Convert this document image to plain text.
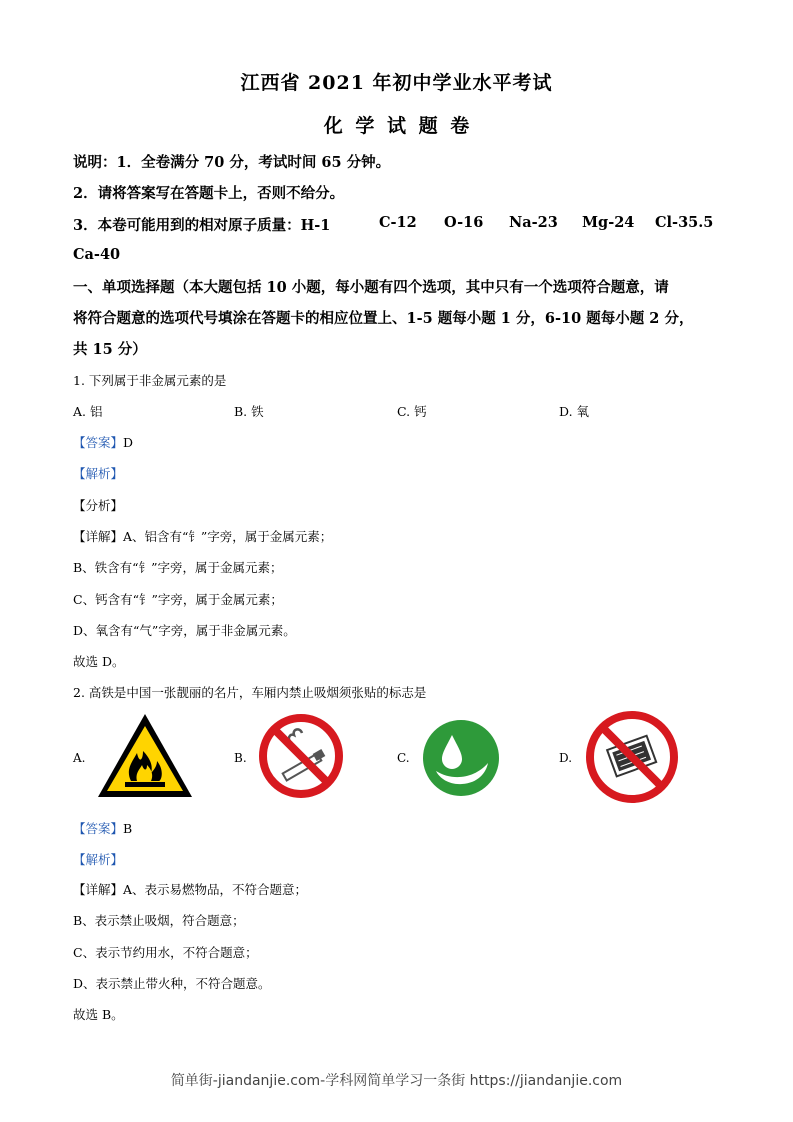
江西省 2021 年初中学业水平考试
化 学 试 题 卷
说明：1．全卷满分 70 分，考试时间 65 分钟。
2．请将答案写在答题卡上，否则不给分。
3．本卷可能用到的相对原子质量：H-1	C-12 O-16 Na-23 Mg-24 Cl-35.5
Ca-40
一、单项选择题（本大题包括 10 小题，每小题有四个选项，其中只有一个选项符合题意，请
将符合题意的选项代号填涂在答题卡的相应位置上、1-5 题每小题 1 分，6-10 题每小题 2 分，
共 15 分）
1. 下列属于非金属元素的是
A. 铝	B. 铁	C. 钙	D. 氧
【答案】D
【解析】
【分析】
【详解】A、铝含有“钅”字旁，属于金属元素；
B、铁含有“钅”字旁，属于金属元素；
C、钙含有“钅”字旁，属于金属元素；
D、氧含有“气”字旁，属于非金属元素。
故选 D。
2. 高铁是中国一张靓丽的名片，车厢内禁止吸烟须张贴的标志是
A.	B.	C.	D.
【答案】B
【解析】
【详解】A、表示易燃物品，不符合题意；
B、表示禁止吸烟，符合题意；
C、表示节约用水，不符合题意；
D、表示禁止带火种，不符合题意。
故选 B。
简单街-jiandanjie.com-学科网简单学习一条街 https://jiandanjie.com
